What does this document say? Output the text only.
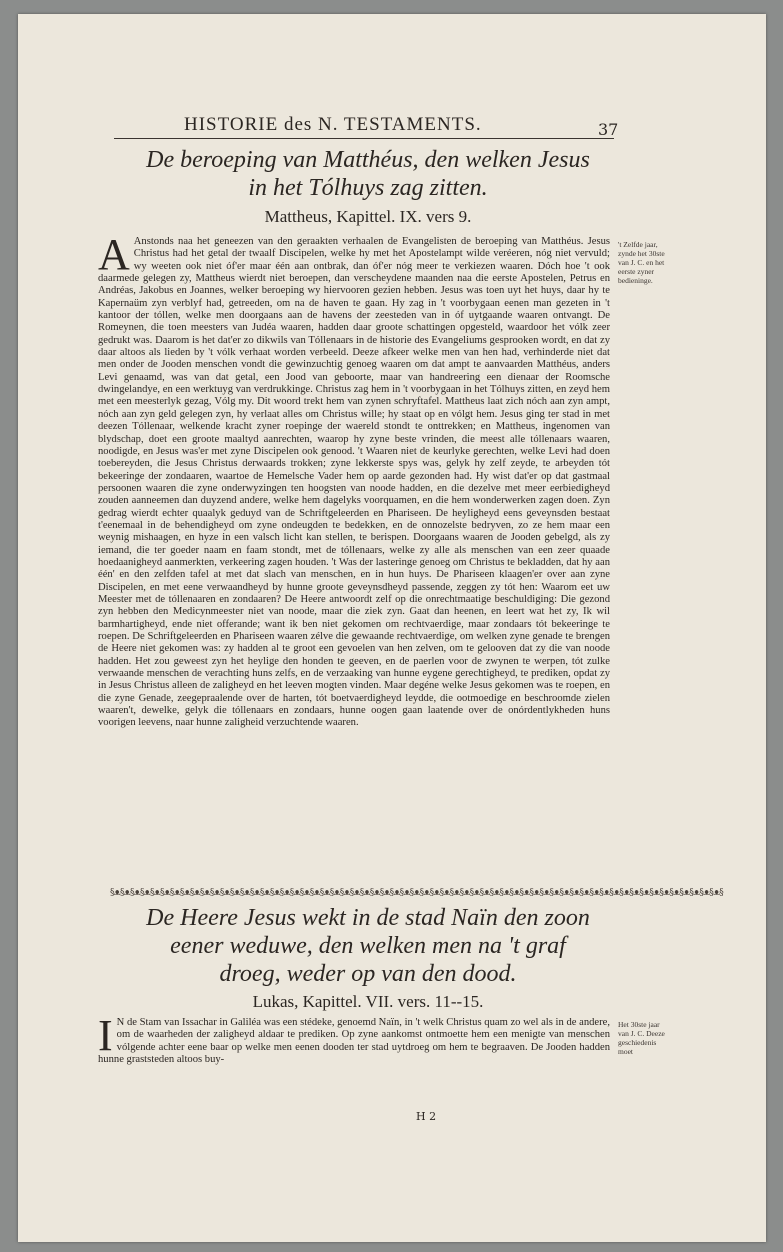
HISTORIE des N. TESTAMENTS.	37
De beroeping van Matthéus, den welken Jesus
in het Tólhuys zag zitten.
Mattheus, Kapittel. IX. vers 9.
A Anstonds naa het geneezen van den geraakten verhaalen de Evangelisten de beroeping van Matthéus. Jesus Christus had het getal der twaalf Discipelen, welke hy met het Apostelampt wilde veréeren, nóg niet vervuld; wy weeten ook niet óf'er maar één aan ontbrak, dan óf'er nóg meer te verkiezen waaren. Dóch hoe 't ook daarmede gelegen zy, Mattheus wierdt niet beroepen, dan verscheydene maanden naa die eerste Apostelen, Petrus en Andréas, Jakobus en Joannes, welker beroeping wy hiervooren gezien hebben. Jesus was toen uyt het huys, daar hy te Kapernaüm zyn verblyf had, getreeden, om na de haven te gaan. Hy zag in 't voorbygaan eenen man gezeten in 't kantoor der tóllen, welke men doorgaans aan de havens der zeesteden van in óf uytgaande waaren ontvangt. De Romeynen, die toen meesters van Judéa waaren, hadden daar groote schattingen opgesteld, waardoor het vólk zeer gedrukt was. Daarom is het dat'er zo dikwils van Tóllenaars in de historie des Evangeliums gesprooken wordt, en dat zy daar altoos als lieden by 't vólk verhaat worden verbeeld. Deeze afkeer welke men van hen had, verhinderde niet dat men onder de Jooden menschen vondt die gewinzuchtig genoeg waaren om dat ampt te aanvaarden Matthéus, anders Levi genaamd, was van dat getal, een Jood van geboorte, maar van handreering een dienaar der Roomsche dwingelandye, en een werktuyg van verdrukkinge. Christus zag hem in 't voorbygaan in het Tólhuys zitten, en zeyd hem met een meesterlyk gezag, Vólg my. Dit woord trekt hem van zynen schryftafel. Mattheus laat zich nóch aan zyn ampt, nóch aan zyn geld gelegen zyn, hy verlaat alles om Christus wille; hy staat op en vólgt hem. Jesus ging ter stad in met deezen Tóllenaar, welkende kracht zyner roepinge der waereld stondt te onttrekken; en Mattheus, ingenomen van blydschap, doet een groote maaltyd aanrechten, waarop hy zyne beste vrinden, die meest alle tóllenaars waaren, noodigde, en Jesus was'er met zyne Discipelen ook genood. 't Waaren niet de keurlyke gerechten, welke Levi had doen toebereyden, die Jesus Christus derwaards trokken; zyne lekkerste spys was, gelyk hy zelf zeyde, te arbeyden tót bekeeringe der zondaaren, waartoe de Hemelsche Vader hem op aarde gezonden had. Hy wist dat'er op dat gastmaal persoonen waaren die zyne onderwyzingen ten hoogsten van noode hadden, en die dezelve met meer eerbiedigheyd zouden aanneemen dan duyzend andere, welke hem dagelyks voorquamen, en die hem wonderwerken zagen doen. Zyn gedrag wierdt echter quaalyk geduyd van de Schriftgeleerden en Phariseen. De heyligheyd eens geveynsden bestaat t'eenemaal in de behendigheyd om zyne ondeugden te bedekken, en de onnozelste bedryven, zo ze hem maar een weynig mishaagen, en hyze in een valsch licht kan stellen, te berispen. Doorgaans waaren de Jooden gebelgd, als zy iemand, die ter goeder naam en faam stondt, met de tóllenaars, welke zy alle als menschen van een zeer quaade hoedaanigheyd aanmerkten, verkeering zagen houden. 't Was der lasteringe genoeg om Christus te bekladden, dat hy aan één' en den zelfden tafel at met dat slach van menschen, en in hun huys. De Phariseen klaagen'er over aan zyne Discipelen, en met eene verwaandheyd by hunne groote geveynsdheyd passende, zeggen zy tót hen: Waarom eet uw Meester met de tóllenaaren en zondaaren? De Heere antwoordt zelf op die onrechtmaatige beschuldiging: Die gezond zyn hebben den Medicynmeester niet van noode, maar die ziek zyn. Gaat dan heenen, en leert wat het zy, Ik wil barmhartigheyd, ende niet offerande; want ik ben niet gekomen om rechtvaerdige, maar zondaars tót bekeeringe te roepen. De Schriftgeleerden en Phariseen waaren zélve die gewaande rechtvaerdige, om welken zyne genade te brengen de Heere niet gekomen was: zy hadden al te groot een gevoelen van hen zelven, om te gelooven dat zy die van noode hadden. Het zou geweest zyn het heylige den honden te geeven, en de paerlen voor de zwynen te werpen, tót zulke verwaande menschen de verachting huns zelfs, en de verzaaking van hunne eygene gerechtigheyd, te prediken, opdat zy in Jesus Christus alleen de zaligheyd en het leeven mogten vinden. Maar degéne welke Jesus gekomen was te roepen, en die zyne Genade, zeegepraalende over de harten, tót boetvaerdigheyd leydde, die ootmoedige en beschroomde zielen waaren't, dewelke, gelyk die tóllenaars en zondaars, hunne oogen gaan laatende over de onórdentlykheden huns voorigen leevens, naar hunne zaligheid verzuchtende waaren.
't Zelfde jaar, zynde het 30ste van J. C. en het eerste zyner bedieninge.
§ᴥ§ᴥ§ᴥ§ᴥ§ᴥ§ᴥ§ᴥ§ᴥ§ᴥ§ᴥ§ᴥ§ᴥ§ᴥ§ᴥ§ᴥ§ᴥ§ᴥ§ᴥ§ᴥ§ᴥ§ᴥ§ᴥ§ᴥ§ᴥ§ᴥ§ᴥ§ᴥ§ᴥ§ᴥ§ᴥ§ᴥ§ᴥ§ᴥ§ᴥ§ᴥ§ᴥ§ᴥ§ᴥ§ᴥ§ᴥ§ᴥ§ᴥ§ᴥ§ᴥ§ᴥ§ᴥ§ᴥ§ᴥ§ᴥ§ᴥ§ᴥ§ᴥ§ᴥ§ᴥ§ᴥ§ᴥ§ᴥ§ᴥ§ᴥ§ᴥ§ᴥ§
De Heere Jesus wekt in de stad Naïn den zoon
eener weduwe, den welken men na 't graf
droeg, weder op van den dood.
Lukas, Kapittel. VII. vers. 11--15.
I N de Stam van Issachar in Galiléa was een stédeke, genoemd Naïn, in 't welk Christus quam zo wel als in de andere, om de waarheden der zaligheyd aldaar te prediken. Op zyne aankomst ontmoette hem een menigte van menschen vólgende achter eene baar op welke men eenen dooden ter stad uytdroeg om hem te begraaven. De Jooden hadden hunne graststeden altoos buy-
Het 30ste jaar van J. C. Deeze geschiedenis moet
H 2
